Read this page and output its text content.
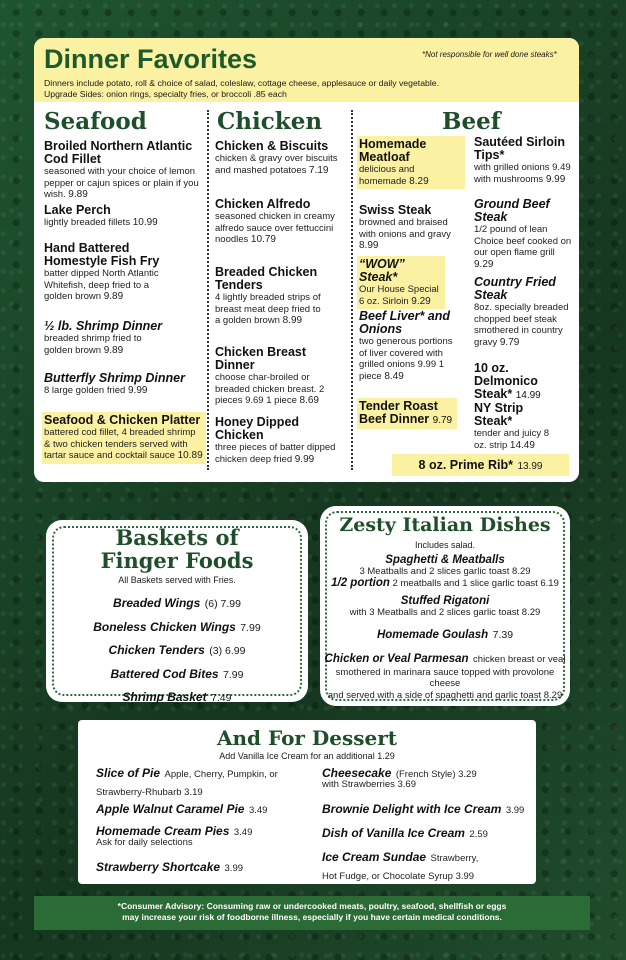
Dinner Favorites	*Not responsible for well done steaks*
Dinners include potato, roll & choice of salad, coleslaw, cottage cheese, applesauce or daily vegetable.
Upgrade Sides: onion rings, specialty fries, or broccoli .85 each
Seafood
Broiled Northern Atlantic Cod Fillet
seasoned with your choice of lemon pepper or cajun spices or plain if you wish. 9.89
Lake Perch
lightly breaded fillets 10.99
Hand Battered Homestyle Fish Fry
batter dipped North Atlantic Whitefish, deep fried to a golden brown 9.89
½ lb. Shrimp Dinner
breaded shrimp fried to golden brown 9.89
Butterfly Shrimp Dinner
8 large golden fried 9.99
Seafood & Chicken Platter
battered cod fillet, 4 breaded shrimp & two chicken tenders served with tartar sauce and cocktail sauce 10.89
Chicken
Chicken & Biscuits
chicken & gravy over biscuits and mashed potatoes 7.19
Chicken Alfredo
seasoned chicken in creamy alfredo sauce over fettuccini noodles 10.79
Breaded Chicken Tenders
4 lightly breaded strips of breast meat deep fried to a golden brown 8.99
Chicken Breast Dinner
choose char-broiled or breaded chicken breast. 2 pieces 9.69 1 piece 8.69
Honey Dipped Chicken
three pieces of batter dipped chicken deep fried 9.99
Beef
Homemade Meatloaf
delicious and homemade 8.29
Swiss Steak
browned and braised with onions and gravy 8.99
“WOW” Steak*
Our House Special 6 oz. Sirloin 9.29
Beef Liver* and Onions
two generous portions of liver covered with grilled onions 9.99 1 piece 8.49
Tender Roast Beef Dinner 9.79
Sautéed Sirloin Tips*
with grilled onions 9.49 with mushrooms 9.99
Ground Beef Steak
1/2 pound of lean Choice beef cooked on our open flame grill 9.29
Country Fried Steak
8oz. specially breaded chopped beef steak smothered in country gravy 9.79
10 oz. Delmonico Steak* 14.99
NY Strip Steak*
tender and juicy 8 oz. strip 14.49
8 oz. Prime Rib* 13.99
Baskets of
Finger Foods
All Baskets served with Fries.
Breaded Wings (6) 7.99
Boneless Chicken Wings 7.99
Chicken Tenders (3) 6.99
Battered Cod Bites 7.99
Shrimp Basket 7.49
Zesty Italian Dishes
Includes salad.
Spaghetti & Meatballs
3 Meatballs and 2 slices garlic toast 8.29
1/2 portion 2 meatballs and 1 slice garlic toast 6.19
Stuffed Rigatoni
with 3 Meatballs and 2 slices garlic toast 8.29
Homemade Goulash 7.39
Chicken or Veal Parmesan chicken breast or veal
smothered in marinara sauce topped with provolone cheese
and served with a side of spaghetti and garlic toast 8.29
And For Dessert
Add Vanilla Ice Cream for an additional 1.29
Slice of Pie Apple, Cherry, Pumpkin, or Strawberry-Rhubarb 3.19
Apple Walnut Caramel Pie 3.49
Homemade Cream Pies 3.49
Ask for daily selections
Strawberry Shortcake 3.99
Cheesecake (French Style) 3.29
with Strawberries 3.69
Brownie Delight with Ice Cream 3.99
Dish of Vanilla Ice Cream 2.59
Ice Cream Sundae Strawberry, Hot Fudge, or Chocolate Syrup 3.99
*Consumer Advisory: Consuming raw or undercooked meats, poultry, seafood, shellfish or eggs
may increase your risk of foodborne illness, especially if you have certain medical conditions.
